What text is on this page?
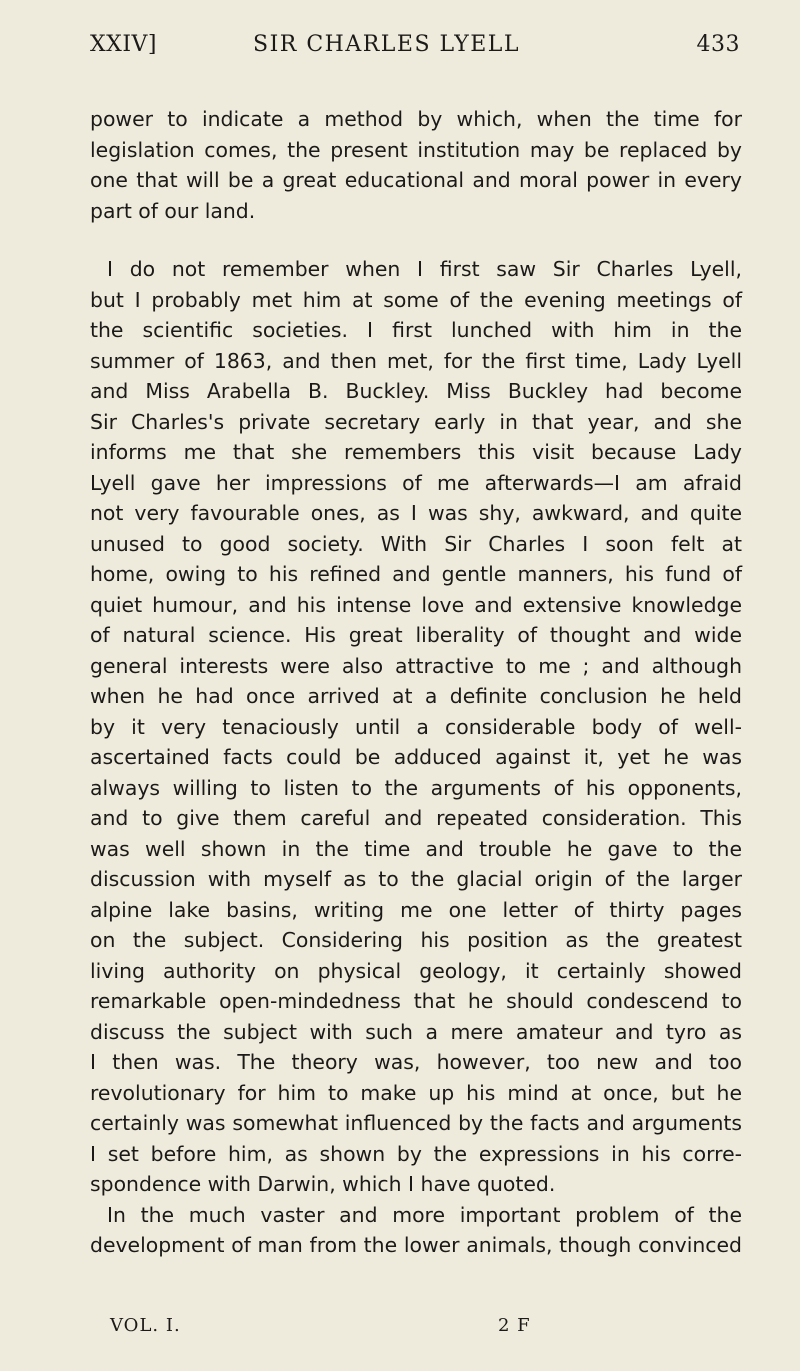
XXIV]	SIR CHARLES LYELL	433
power to indicate a method by which, when the time for
legislation comes, the present institution may be replaced by
one that will be a great educational and moral power in every
part of our land.
I do not remember when I first saw Sir Charles Lyell,
but I probably met him at some of the evening meetings of
the scientific societies. I first lunched with him in the
summer of 1863, and then met, for the first time, Lady Lyell
and Miss Arabella B. Buckley. Miss Buckley had become
Sir Charles's private secretary early in that year, and she
informs me that she remembers this visit because Lady
Lyell gave her impressions of me afterwards—I am afraid
not very favourable ones, as I was shy, awkward, and quite
unused to good society. With Sir Charles I soon felt at
home, owing to his refined and gentle manners, his fund of
quiet humour, and his intense love and extensive knowledge
of natural science. His great liberality of thought and wide
general interests were also attractive to me ; and although
when he had once arrived at a definite conclusion he held
by it very tenaciously until a considerable body of well-
ascertained facts could be adduced against it, yet he was
always willing to listen to the arguments of his opponents,
and to give them careful and repeated consideration. This
was well shown in the time and trouble he gave to the
discussion with myself as to the glacial origin of the larger
alpine lake basins, writing me one letter of thirty pages
on the subject. Considering his position as the greatest
living authority on physical geology, it certainly showed
remarkable open-mindedness that he should condescend to
discuss the subject with such a mere amateur and tyro as
I then was. The theory was, however, too new and too
revolutionary for him to make up his mind at once, but he
certainly was somewhat influenced by the facts and arguments
I set before him, as shown by the expressions in his corre-
spondence with Darwin, which I have quoted.
In the much vaster and more important problem of the
development of man from the lower animals, though convinced
VOL. I.	2 F
